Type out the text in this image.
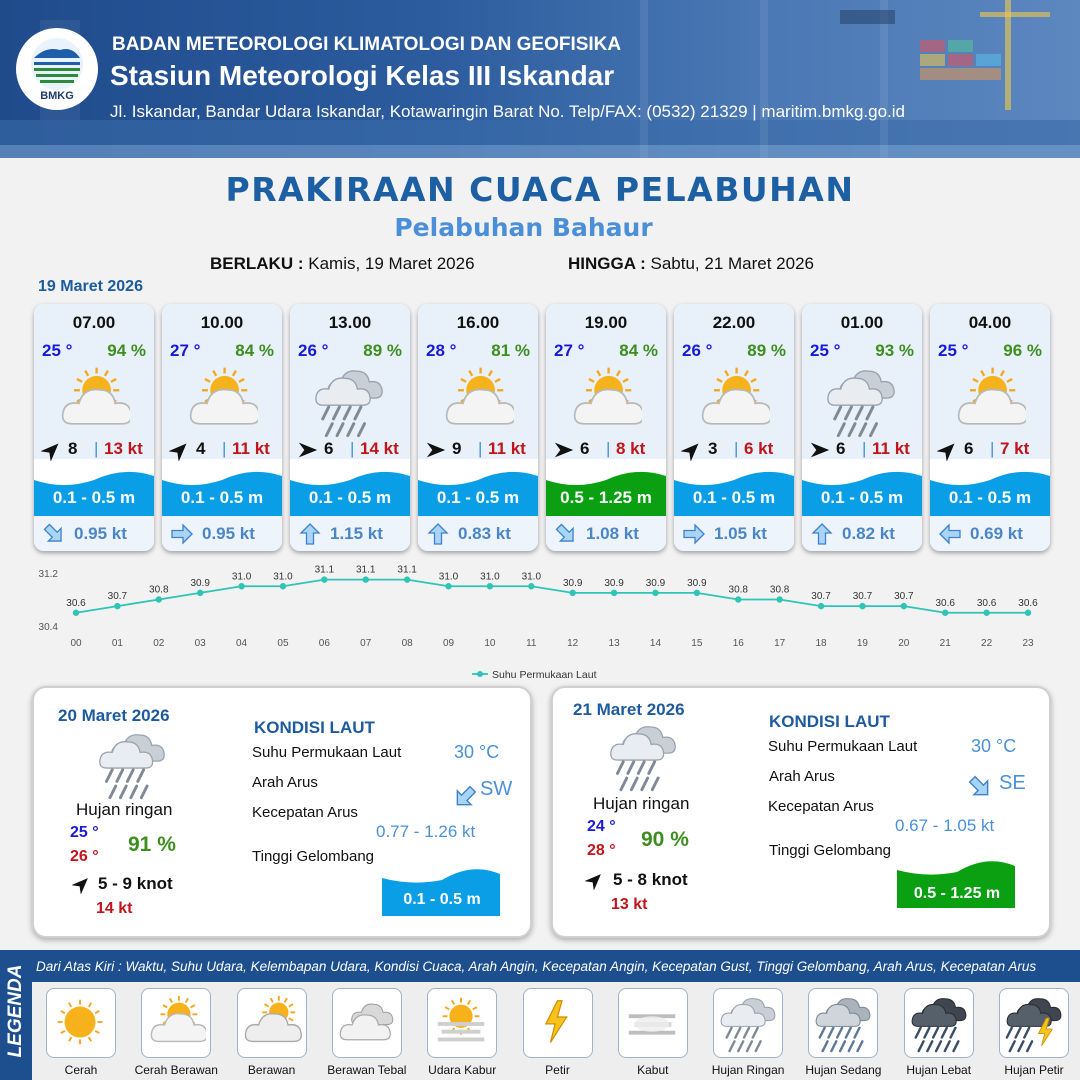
BMKG
BADAN METEOROLOGI KLIMATOLOGI DAN GEOFISIKA
Stasiun Meteorologi Kelas III Iskandar
Jl. Iskandar, Bandar Udara Iskandar, Kotawaringin Barat No. Telp/FAX: (0532) 21329 | maritim.bmkg.go.id
PRAKIRAAN CUACA PELABUHAN
Pelabuhan Bahaur
BERLAKU : Kamis, 19 Maret 2026	HINGGA : Sabtu, 21 Maret 2026
19 Maret 2026
07.00
25 ° 94 %
8 | 13 kt
0.1 - 0.5 m
0.95 kt
10.00
27 ° 84 %
4 | 11 kt
0.1 - 0.5 m
0.95 kt
13.00
26 ° 89 %
6 | 14 kt
0.1 - 0.5 m
1.15 kt
16.00
28 ° 81 %
9 | 11 kt
0.1 - 0.5 m
0.83 kt
19.00
27 ° 84 %
6 | 8 kt
0.5 - 1.25 m
1.08 kt
22.00
26 ° 89 %
3 | 6 kt
0.1 - 0.5 m
1.05 kt
01.00
25 ° 93 %
6 | 11 kt
0.1 - 0.5 m
0.82 kt
04.00
25 ° 96 %
6 | 7 kt
0.1 - 0.5 m
0.69 kt
31.2
30.4
30.6
00
30.7
01
30.8
02
30.9
03
31.0
04
31.0
05
31.1
06
31.1
07
31.1
08
31.0
09
31.0
10
31.0
11
30.9
12
30.9
13
30.9
14
30.9
15
30.8
16
30.8
17
30.7
18
30.7
19
30.7
20
30.6
21
30.6
22
30.6
23
Suhu Permukaan Laut
20 Maret 2026
Hujan ringan
25 °
26 °
91 %
5 - 9 knot
14 kt
KONDISI LAUT
Suhu Permukaan Laut	30 °C
Arah Arus	SW
Kecepatan Arus
0.77 - 1.26 kt
Tinggi Gelombang
0.1 - 0.5 m
21 Maret 2026
Hujan ringan
24 °
28 ° 90 %
5 - 8 knot
13 kt
KONDISI LAUT
Suhu Permukaan Laut	30 °C
Arah Arus	SE
Kecepatan Arus
0.67 - 1.05 kt
Tinggi Gelombang
0.5 - 1.25 m
LEGENDA Dari Atas Kiri : Waktu, Suhu Udara, Kelembapan Udara, Kondisi Cuaca, Arah Angin, Kecepatan Angin, Kecepatan Gust, Tinggi Gelombang, Arah Arus, Kecepatan Arus
Cerah	Cerah Berawan	Berawan	Berawan Tebal	Udara Kabur	Petir	Kabut	Hujan Ringan	Hujan Sedang	Hujan Lebat	Hujan Petir
